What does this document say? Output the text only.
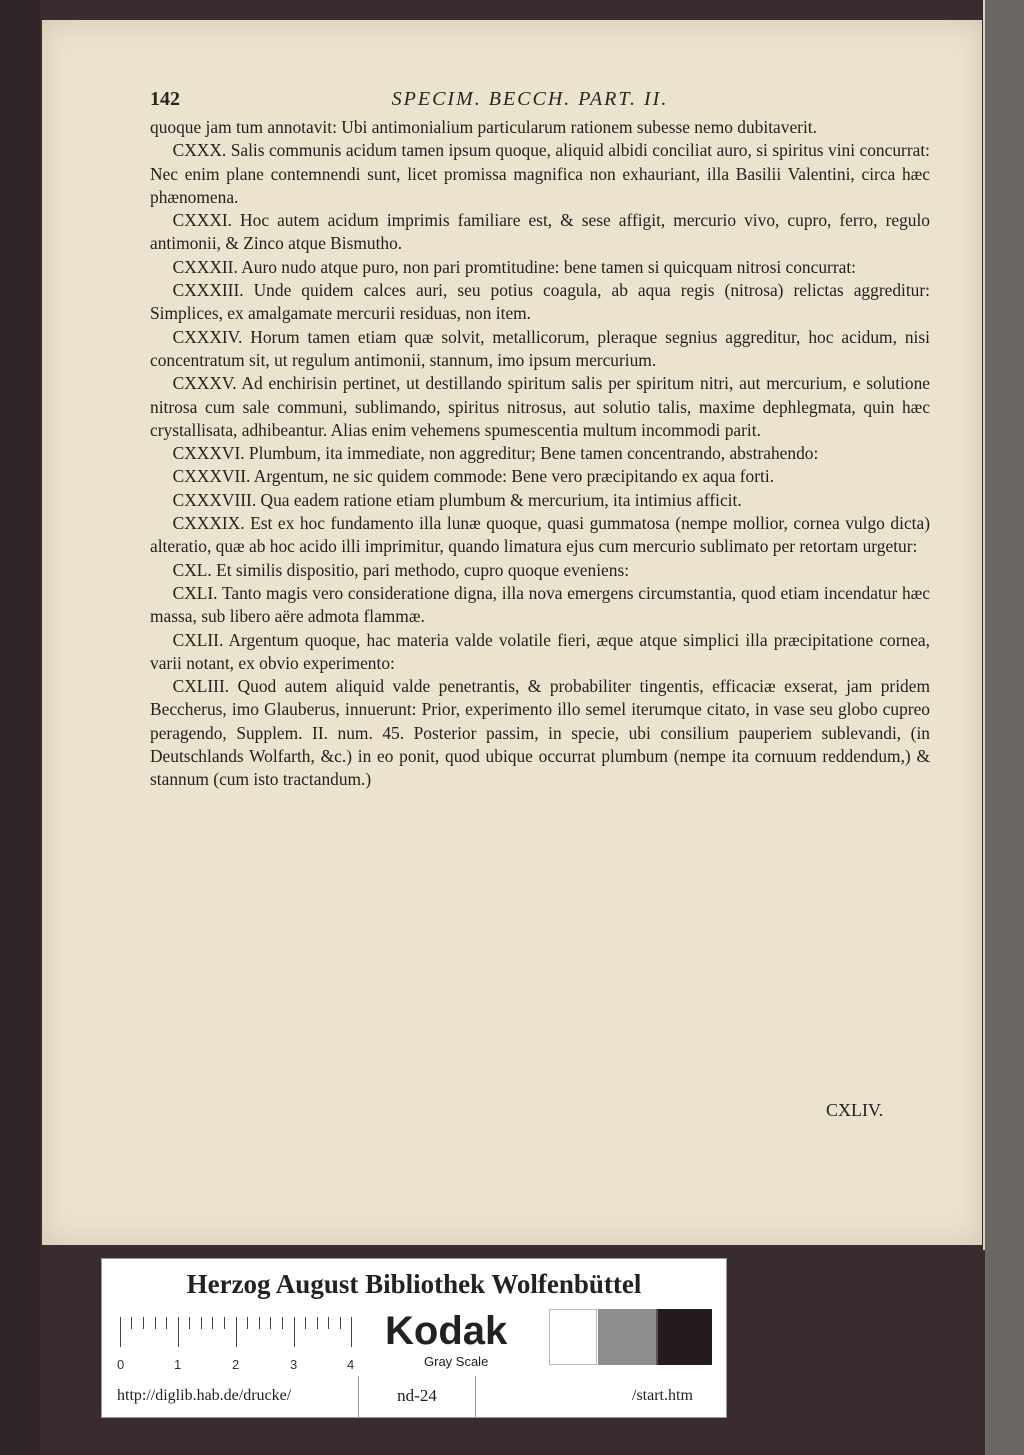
142	SPECIM. BECCH. PART. II.

quoque jam tum annotavit: Ubi antimonialium particularum rationem subesse nemo dubitaverit.

CXXX. Salis communis acidum tamen ipsum quoque, aliquid albidi conciliat auro, si spiritus vini concurrat: Nec enim plane contemnendi sunt, licet promissa magnifica non exhauriant, illa Basilii Valentini, circa hæc phænomena.

CXXXI. Hoc autem acidum imprimis familiare est, & sese affigit, mercurio vivo, cupro, ferro, regulo antimonii, & Zinco atque Bismutho.

CXXXII. Auro nudo atque puro, non pari promtitudine: bene tamen si quicquam nitrosi concurrat:

CXXXIII. Unde quidem calces auri, seu potius coagula, ab aqua regis (nitrosa) relictas aggreditur: Simplices, ex amalgamate mercurii residuas, non item.

CXXXIV. Horum tamen etiam quæ solvit, metallicorum, pleraque segnius aggreditur, hoc acidum, nisi concentratum sit, ut regulum antimonii, stannum, imo ipsum mercurium.

CXXXV. Ad enchirisin pertinet, ut destillando spiritum salis per spiritum nitri, aut mercurium, e solutione nitrosa cum sale communi, sublimando, spiritus nitrosus, aut solutio talis, maxime dephlegmata, quin hæc crystallisata, adhibeantur. Alias enim vehemens spumescentia multum incommodi parit.

CXXXVI. Plumbum, ita immediate, non aggreditur; Bene tamen concentrando, abstrahendo:

CXXXVII. Argentum, ne sic quidem commode: Bene vero præcipitando ex aqua forti.

CXXXVIII. Qua eadem ratione etiam plumbum & mercurium, ita intimius afficit.

CXXXIX. Est ex hoc fundamento illa lunæ quoque, quasi gummatosa (nempe mollior, cornea vulgo dicta) alteratio, quæ ab hoc acido illi imprimitur, quando limatura ejus cum mercurio sublimato per retortam urgetur:

CXL. Et similis dispositio, pari methodo, cupro quoque eveniens:

CXLI. Tanto magis vero consideratione digna, illa nova emergens circumstantia, quod etiam incendatur hæc massa, sub libero aëre admota flammæ.

CXLII. Argentum quoque, hac materia valde volatile fieri, æque atque simplici illa præcipitatione cornea, varii notant, ex obvio experimento:

CXLIII. Quod autem aliquid valde penetrantis, & probabiliter tingentis, efficaciæ exserat, jam pridem Beccherus, imo Glauberus, innuerunt: Prior, experimento illo semel iterumque citato, in vase seu globo cupreo peragendo, Supplem. II. num. 45. Posterior passim, in specie, ubi consilium pauperiem sublevandi, (in Deutschlands Wolfarth, &c.) in eo ponit, quod ubique occurrat plumbum (nempe ita cornuum reddendum,) & stannum (cum isto tractandum.)

CXLIV.
Herzog August Bibliothek Wolfenbüttel
0	1	2	3	4
Kodak
Gray Scale
http://diglib.hab.de/drucke/	nd-24	/start.htm
